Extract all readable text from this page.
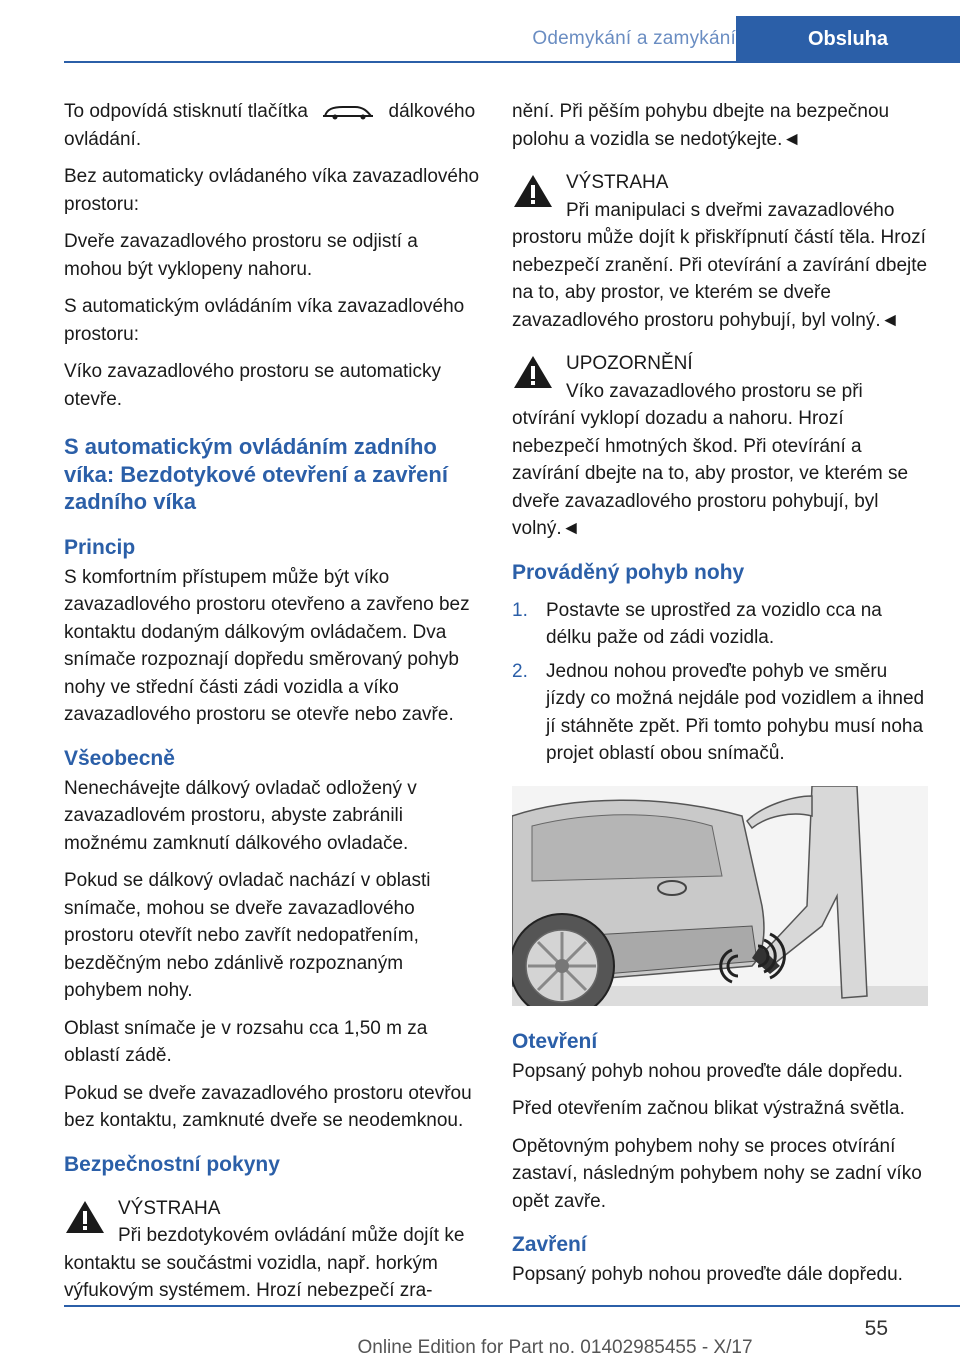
Odemykání a zamykání	Obsluha

To odpovídá stisknutí tlačítka	dálkového ovládání.

Bez automaticky ovládaného víka zavazadlového prostoru:

Dveře zavazadlového prostoru se odjistí a mohou být vyklopeny nahoru.

S automatickým ovládáním víka zavazadlového prostoru:

Víko zavazadlového prostoru se automaticky otevře.

S automatickým ovládáním zadního víka: Bezdotykové otevření a zavření zadního víka
Princip

S komfortním přístupem může být víko zavazadlového prostoru otevřeno a zavřeno bez kontaktu dodaným dálkovým ovládačem. Dva snímače rozpoznají dopředu směrovaný pohyb nohy ve střední části zádi vozidla a víko zavazadlového prostoru se otevře nebo zavře.

Všeobecně

Nenechávejte dálkový ovladač odložený v zavazadlovém prostoru, abyste zabránili možnému zamknutí dálkového ovladače.

Pokud se dálkový ovladač nachází v oblasti snímače, mohou se dveře zavazadlového prostoru otevřít nebo zavřít nedopatřením, bezděčným nebo zdánlivě rozpoznaným pohybem nohy.

Oblast snímače je v rozsahu cca 1,50 m za oblastí zádě.

Pokud se dveře zavazadlového prostoru otevřou bez kontaktu, zamknuté dveře se neodemknou.

Bezpečnostní pokyny
VÝSTRAHA
Při bezdotykovém ovládání může dojít ke kontaktu se součástmi vozidla, např. horkým výfukovým systémem. Hrozí nebezpečí zra-

nění. Při pěším pohybu dbejte na bezpečnou polohu a vozidla se nedotýkejte.◄

VÝSTRAHA
Při manipulaci s dveřmi zavazadlového prostoru může dojít k přiskřípnutí částí těla. Hrozí nebezpečí zranění. Při otevírání a zavírání dbejte na to, aby prostor, ve kterém se dveře zavazadlového prostoru pohybují, byl volný.◄
UPOZORNĚNÍ
Víko zavazadlového prostoru se při otvírání vyklopí dozadu a nahoru. Hrozí nebezpečí hmotných škod. Při otevírání a zavírání dbejte na to, aby prostor, ve kterém se dveře zavazadlového prostoru pohybují, byl volný.◄
Prováděný pohyb nohy
1. Postavte se uprostřed za vozidlo cca na délku paže od zádi vozidla.
2. Jednou nohou proveďte pohyb ve směru jízdy co možná nejdále pod vozidlem a ihned jí stáhněte zpět. Při tomto pohybu musí noha projet oblastí obou snímačů.
Otevření

Popsaný pohyb nohou proveďte dále dopředu.

Před otevřením začnou blikat výstražná světla.

Opětovným pohybem nohy se proces otvírání zastaví, následným pohybem nohy se zadní víko opět zavře.

Zavření

Popsaný pohyb nohou proveďte dále dopředu.

55
Online Edition for Part no. 01402985455 - X/17
